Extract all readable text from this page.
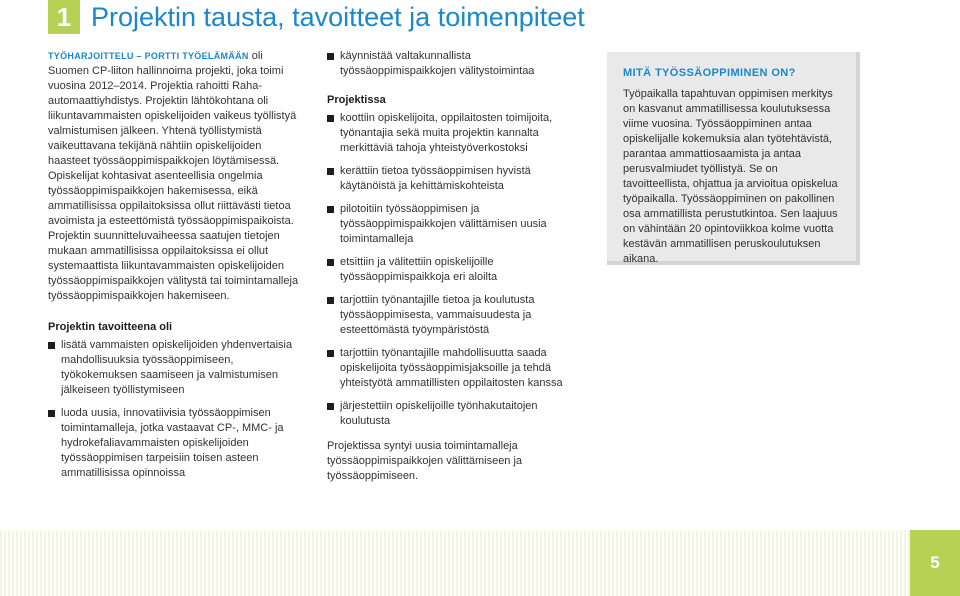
1 Projektin tausta, tavoitteet ja toimenpiteet

TYÖHARJOITTELU – PORTTI TYÖELÄMÄÄN oli Suomen CP-liiton hallinnoima projekti, joka toimi vuosina 2012–2014. Projektia rahoitti Raha-automaattiyhdistys. Projektin lähtökohtana oli liikuntavammaisten opiskelijoiden vaikeus työllistyä valmistumisen jälkeen. Yhtenä työllistymistä vaikeuttavana tekijänä nähtiin opiskelijoiden haasteet työssäoppimispaikkojen löytämisessä. Opiskelijat kohtasivat asenteellisia ongelmia työssäoppimispaikkojen hakemisessa, eikä ammatillisissa oppilaitoksissa ollut riittävästi tietoa avoimista ja esteettömistä työssäoppimispaikoista. Projektin suunnitteluvaiheessa saatujen tietojen mukaan ammatillisissa oppilaitoksissa ei ollut systemaattista liikuntavammaisten opiskelijoiden työssäoppimispaikkojen välitystä tai toimintamalleja työssäoppimispaikkojen hakemiseen.

Projektin tavoitteena oli

lisätä vammaisten opiskelijoiden yhdenvertaisia mahdollisuuksia työssäoppimiseen, työkokemuksen saamiseen ja valmistumisen jälkeiseen työllistymiseen
luoda uusia, innovatiivisia työssäoppimisen toimintamalleja, jotka vastaavat CP-, MMC- ja hydrokefaliavammaisten opiskelijoiden työssäoppimisen tarpeisiin toisen asteen ammatillisissa opinnoissa
käynnistää valtakunnallista työssäoppimispaikkojen välitystoimintaa

Projektissa

koottiin opiskelijoita, oppilaitosten toimijoita, työnantajia sekä muita projektin kannalta merkittäviä tahoja yhteistyöverkostoksi
kerättiin tietoa työssäoppimisen hyvistä käytänöistä ja kehittämiskohteista
pilotoitiin työssäoppimisen ja työssäoppimispaikkojen välittämisen uusia toimintamalleja
etsittiin ja välitettiin opiskelijoille työssäoppimispaikkoja eri aloilta
tarjottiin työnantajille tietoa ja koulutusta työssäoppimisesta, vammaisuudesta ja esteettömästä työympäristöstä
tarjottiin työnantajille mahdollisuutta saada opiskelijoita työssäoppimisjaksoille ja tehdä yhteistyötä ammatillisten oppilaitosten kanssa
järjestettiin opiskelijoille työnhakutaitojen koulutusta

Projektissa syntyi uusia toimintamalleja työssäoppimispaikkojen välittämiseen ja työssäoppimiseen.

MITÄ TYÖSSÄOPPIMINEN ON?
Työpaikalla tapahtuvan oppimisen merkitys on kasvanut ammatillisessa koulutuksessa viime vuosina. Työssäoppiminen antaa opiskelijalle kokemuksia alan työtehtävistä, parantaa ammattiosaamista ja antaa perusvalmiudet työllistyä. Se on tavoitteellista, ohjattua ja arvioitua opiskelua työpaikalla. Työssäoppiminen on pakollinen osa ammatillista perustutkintoa. Sen laajuus on vähintään 20 opintoviikkoa kolme vuotta kestävän ammatillisen peruskoulutuksen aikana.
5
